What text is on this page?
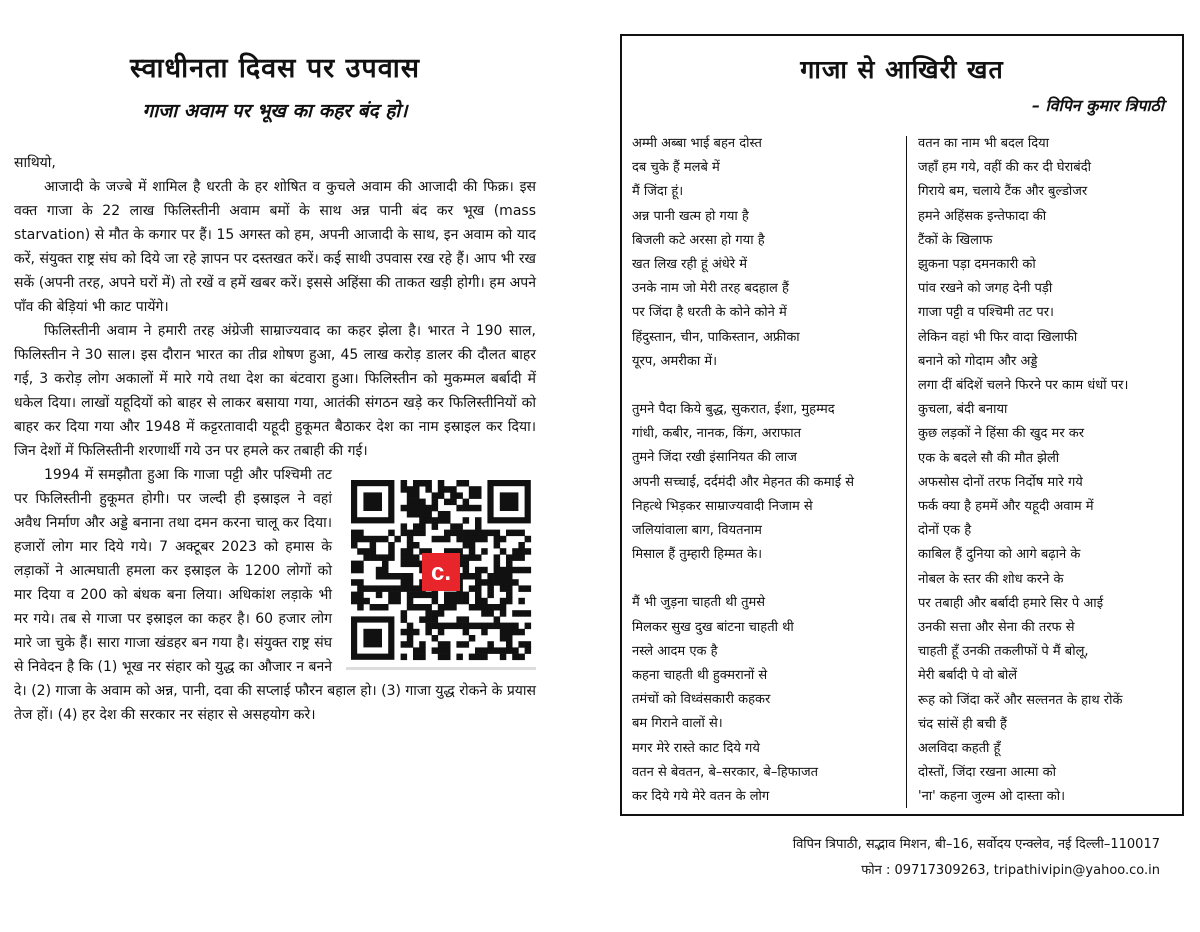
स्वाधीनता दिवस पर उपवास
गाजा अवाम पर भूख का कहर बंद हो।

साथियो,

आजादी के जज्बे में शामिल है धरती के हर शोषित व कुचले अवाम की आजादी की फिक्र। इस वक्त गाजा के 22 लाख फिलिस्तीनी अवाम बमों के साथ अन्न पानी बंद कर भूख (mass starvation) से मौत के कगार पर हैं। 15 अगस्त को हम, अपनी आजादी के साथ, इन अवाम को याद करें, संयुक्त राष्ट्र संघ को दिये जा रहे ज्ञापन पर दस्तखत करें। कई साथी उपवास रख रहे हैं। आप भी रख सकें (अपनी तरह, अपने घरों में) तो रखें व हमें खबर करें। इससे अहिंसा की ताकत खड़ी होगी। हम अपने पाँव की बेड़ियां भी काट पायेंगे।

फिलिस्तीनी अवाम ने हमारी तरह अंग्रेजी साम्राज्यवाद का कहर झेला है। भारत ने 190 साल, फिलिस्तीन ने 30 साल। इस दौरान भारत का तीव्र शोषण हुआ, 45 लाख करोड़ डालर की दौलत बाहर गई, 3 करोड़ लोग अकालों में मारे गये तथा देश का बंटवारा हुआ। फिलिस्तीन को मुकम्मल बर्बादी में धकेल दिया। लाखों यहूदियों को बाहर से लाकर बसाया गया, आतंकी संगठन खड़े कर फिलिस्तीनियों को बाहर कर दिया गया और 1948 में कट्टरतावादी यहूदी हुकूमत बैठाकर देश का नाम इस्राइल कर दिया। जिन देशों में फिलिस्तीनी शरणार्थी गये उन पर हमले कर तबाही की गई।

c.

1994 में समझौता हुआ कि गाजा पट्टी और पश्चिमी तट पर फिलिस्तीनी हुकूमत होगी। पर जल्दी ही इस्राइल ने वहां अवैध निर्माण और अड्डे बनाना तथा दमन करना चालू कर दिया। हजारों लोग मार दिये गये। 7 अक्टूबर 2023 को हमास के लड़ाकों ने आत्मघाती हमला कर इस्राइल के 1200 लोगों को मार दिया व 200 को बंधक बना लिया। अधिकांश लड़ाके भी मर गये। तब से गाजा पर इस्राइल का कहर है। 60 हजार लोग मारे जा चुके हैं। सारा गाजा खंडहर बन गया है। संयुक्त राष्ट्र संघ से निवेदन है कि (1) भूख नर संहार को युद्ध का औजार न बनने दे। (2) गाजा के अवाम को अन्न, पानी, दवा की सप्लाई फौरन बहाल हो। (3) गाजा युद्ध रोकने के प्रयास तेज हों। (4) हर देश की सरकार नर संहार से असहयोग करे।

गाजा से आखिरी खत
– विपिन कुमार त्रिपाठी
अम्मी अब्बा भाई बहन दोस्त
दब चुके हैं मलबे में
मैं जिंदा हूं।
अन्न पानी खत्म हो गया है
बिजली कटे अरसा हो गया है
खत लिख रही हूं अंधेरे में
उनके नाम जो मेरी तरह बदहाल हैं
पर जिंदा है धरती के कोने कोने में
हिंदुस्तान, चीन, पाकिस्तान, अफ्रीका
यूरप, अमरीका में।
तुमने पैदा किये बुद्ध, सुकरात, ईशा, मुहम्मद
गांधी, कबीर, नानक, किंग, अराफात
तुमने जिंदा रखी इंसानियत की लाज
अपनी सच्चाई, दर्दमंदी और मेहनत की कमाई से
निहत्थे भिड़कर साम्राज्यवादी निजाम से
जलियांवाला बाग, वियतनाम
मिसाल हैं तुम्हारी हिम्मत के।
मैं भी जुड़ना चाहती थी तुमसे
मिलकर सुख दुख बांटना चाहती थी
नस्ले आदम एक है
कहना चाहती थी हुक्मरानों से
तमंचों को विध्वंसकारी कहकर
बम गिराने वालों से।
मगर मेरे रास्ते काट दिये गये
वतन से बेवतन, बे–सरकार, बे–हिफाजत
कर दिये गये मेरे वतन के लोग
वतन का नाम भी बदल दिया
जहाँ हम गये, वहीं की कर दी घेराबंदी
गिराये बम, चलाये टैंक और बुल्डोजर
हमने अहिंसक इन्तेफादा की
टैंकों के खिलाफ
झुकना पड़ा दमनकारी को
पांव रखने को जगह देनी पड़ी
गाजा पट्टी व पश्चिमी तट पर।
लेकिन वहां भी फिर वादा खिलाफी
बनाने को गोदाम और अड्डे
लगा दीं बंदिशें चलने फिरने पर काम धंधों पर।
कुचला, बंदी बनाया
कुछ लड़कों ने हिंसा की खुद मर कर
एक के बदले सौ की मौत झेली
अफसोस दोनों तरफ निर्दोष मारे गये
फर्क क्या है हममें और यहूदी अवाम में
दोनों एक है
काबिल हैं दुनिया को आगे बढ़ाने के
नोबल के स्तर की शोध करने के
पर तबाही और बर्बादी हमारे सिर पे आई
उनकी सत्ता और सेना की तरफ से
चाहती हूँ उनकी तकलीफों पे मैं बोलू,
मेरी बर्बादी पे वो बोलें
रूह को जिंदा करें और सल्तनत के हाथ रोकें
चंद सांसें ही बची हैं
अलविदा कहती हूँ
दोस्तों, जिंदा रखना आत्मा को
'ना' कहना जुल्म ओ दास्ता को।
विपिन त्रिपाठी, सद्भाव मिशन, बी–16, सर्वोदय एन्क्लेव, नई दिल्ली–110017
फोन : 09717309263, tripathivipin@yahoo.co.in
